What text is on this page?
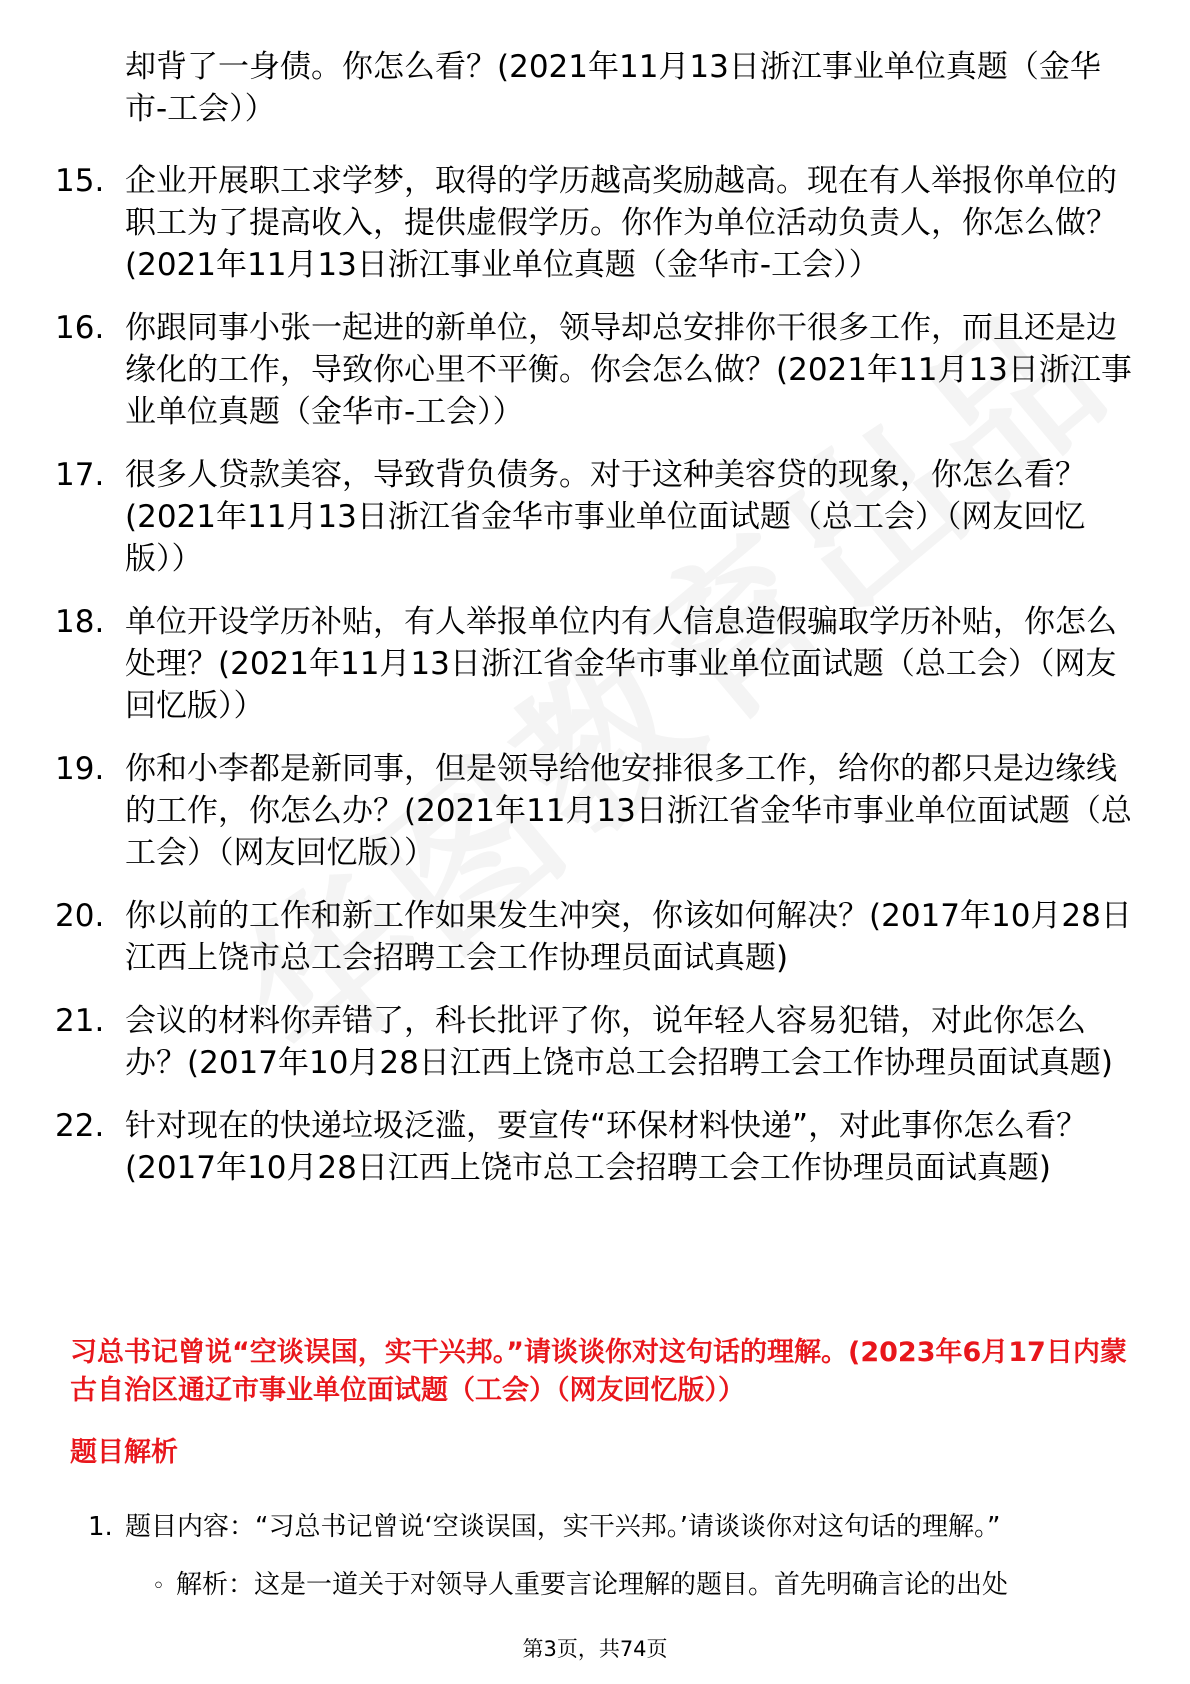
却背了一身债。你怎么看？(2021年11月13日浙江事业单位真题（金华市-工会））
15. 企业开展职工求学梦，取得的学历越高奖励越高。现在有人举报你单位的职工为了提高收入，提供虚假学历。你作为单位活动负责人，你怎么做？(2021年11月13日浙江事业单位真题（金华市-工会））
16. 你跟同事小张一起进的新单位，领导却总安排你干很多工作，而且还是边缘化的工作，导致你心里不平衡。你会怎么做？(2021年11月13日浙江事业单位真题（金华市-工会））
17. 很多人贷款美容，导致背负债务。对于这种美容贷的现象，你怎么看？(2021年11月13日浙江省金华市事业单位面试题（总工会）（网友回忆版））
18. 单位开设学历补贴，有人举报单位内有人信息造假骗取学历补贴，你怎么处理？(2021年11月13日浙江省金华市事业单位面试题（总工会）（网友回忆版））
19. 你和小李都是新同事，但是领导给他安排很多工作，给你的都只是边缘线的工作，你怎么办？(2021年11月13日浙江省金华市事业单位面试题（总工会）（网友回忆版））
20. 你以前的工作和新工作如果发生冲突，你该如何解决？(2017年10月28日江西上饶市总工会招聘工会工作协理员面试真题)
21. 会议的材料你弄错了，科长批评了你，说年轻人容易犯错，对此你怎么办？(2017年10月28日江西上饶市总工会招聘工会工作协理员面试真题)
22. 针对现在的快递垃圾泛滥，要宣传“环保材料快递”，对此事你怎么看？(2017年10月28日江西上饶市总工会招聘工会工作协理员面试真题)
习总书记曾说“空谈误国，实干兴邦。”请谈谈你对这句话的理解。(2023年6月17日内蒙古自治区通辽市事业单位面试题（工会）（网友回忆版））
题目解析
1. 题目内容：“习总书记曾说‘空谈误国，实干兴邦。’请谈谈你对这句话的理解。”
◦ 解析：这是一道关于对领导人重要言论理解的题目。首先明确言论的出处
第3页，共74页
